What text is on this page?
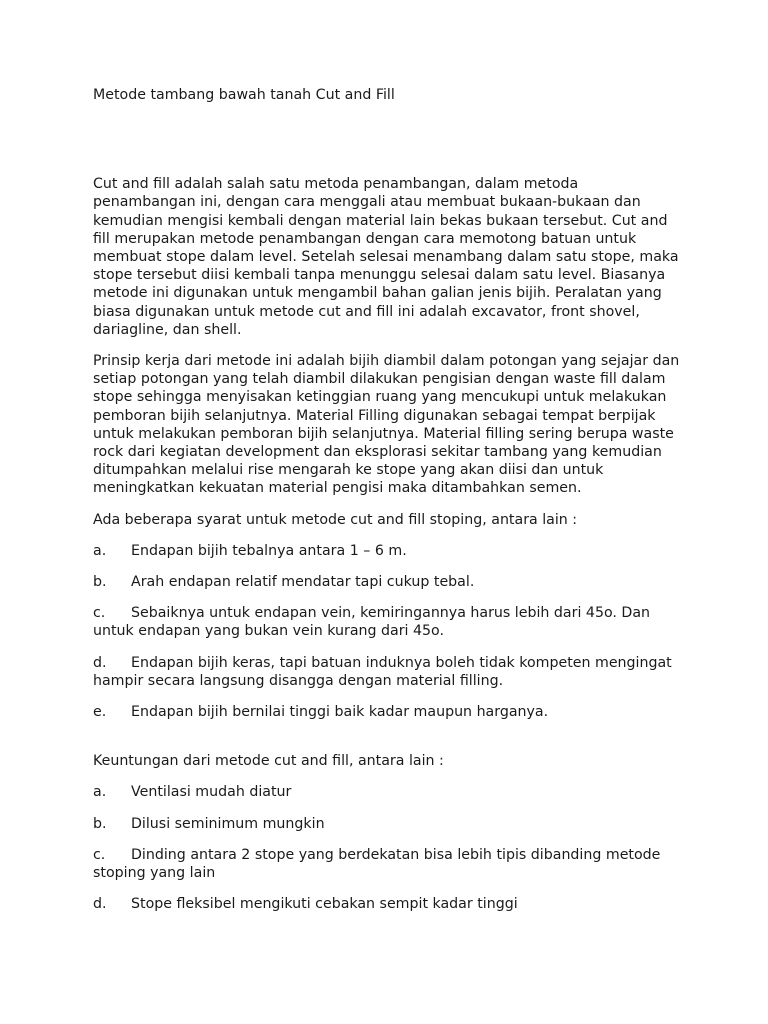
Metode tambang bawah tanah Cut and Fill

Cut and fill adalah salah satu metoda penambangan, dalam metoda penambangan ini, dengan cara menggali atau membuat bukaan-bukaan dan kemudian mengisi kembali dengan material lain bekas bukaan tersebut. Cut and fill merupakan metode penambangan dengan cara memotong batuan untuk membuat stope dalam level. Setelah selesai menambang dalam satu stope, maka stope tersebut diisi kembali tanpa menunggu selesai dalam satu level. Biasanya metode ini digunakan untuk mengambil bahan galian jenis bijih. Peralatan yang biasa digunakan untuk metode cut and fill ini adalah excavator, front shovel, dariagline, dan shell.

Prinsip kerja dari metode ini adalah bijih diambil dalam potongan yang sejajar dan setiap potongan yang telah diambil dilakukan pengisian dengan waste fill dalam stope sehingga menyisakan ketinggian ruang yang mencukupi untuk melakukan pemboran bijih selanjutnya. Material Filling digunakan sebagai tempat berpijak untuk melakukan pemboran bijih selanjutnya. Material filling sering berupa waste rock dari kegiatan development dan eksplorasi sekitar tambang yang kemudian ditumpahkan melalui rise mengarah ke stope yang akan diisi dan untuk meningkatkan kekuatan material pengisi maka ditambahkan semen.

Ada beberapa syarat untuk metode cut and fill stoping, antara lain :

a. Endapan bijih tebalnya antara 1 – 6 m.

b. Arah endapan relatif mendatar tapi cukup tebal.

c. Sebaiknya untuk endapan vein, kemiringannya harus lebih dari 45o. Dan untuk endapan yang bukan vein kurang dari 45o.

d. Endapan bijih keras, tapi batuan induknya boleh tidak kompeten mengingat hampir secara langsung disangga dengan material filling.

e. Endapan bijih bernilai tinggi baik kadar maupun harganya.

Keuntungan dari metode cut and fill, antara lain :

a. Ventilasi mudah diatur

b. Dilusi seminimum mungkin

c. Dinding antara 2 stope yang berdekatan bisa lebih tipis dibanding metode stoping yang lain

d. Stope fleksibel mengikuti cebakan sempit kadar tinggi
